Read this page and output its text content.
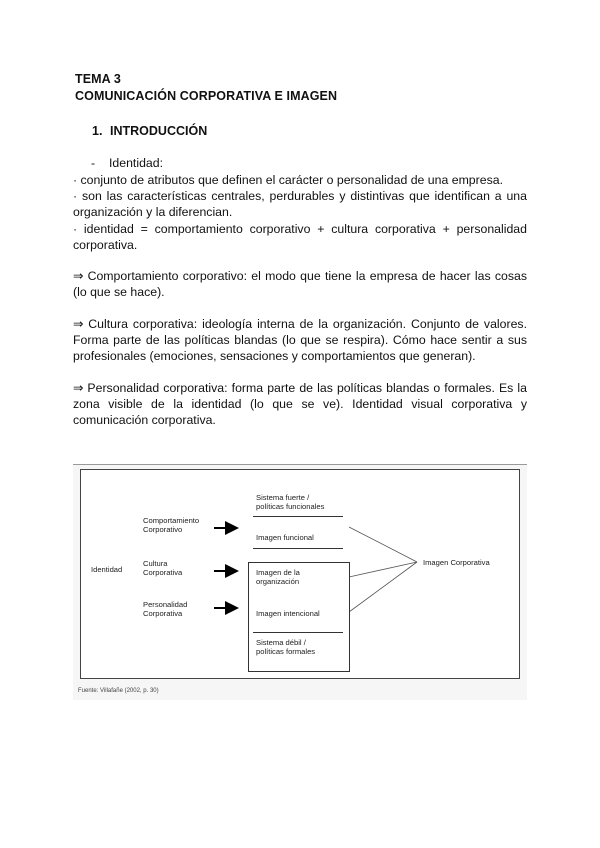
TEMA 3
COMUNICACIÓN CORPORATIVA E IMAGEN
1. INTRODUCCIÓN
- Identidad:

· conjunto de atributos que definen el carácter o personalidad de una empresa.

· son las características centrales, perdurables y distintivas que identifican a una organización y la diferencian.

· identidad = comportamiento corporativo + cultura corporativa + personalidad corporativa.

⇒ Comportamiento corporativo: el modo que tiene la empresa de hacer las cosas (lo que se hace).
⇒ Cultura corporativa: ideología interna de la organización. Conjunto de valores. Forma parte de las políticas blandas (lo que se respira). Cómo hace sentir a sus profesionales (emociones, sensaciones y comportamientos que generan).
⇒ Personalidad corporativa: forma parte de las políticas blandas o formales. Es la zona visible de la identidad (lo que se ve). Identidad visual corporativa y comunicación corporativa.
Identidad
Comportamiento
Corporativo
Cultura
Corporativa
Personalidad
Corporativa
Sistema fuerte /
políticas funcionales
Imagen funcional
Imagen de la
organización
Imagen intencional
Sistema débil /
políticas formales
Imagen Corporativa
Fuente: Villafañe (2002, p. 30)
